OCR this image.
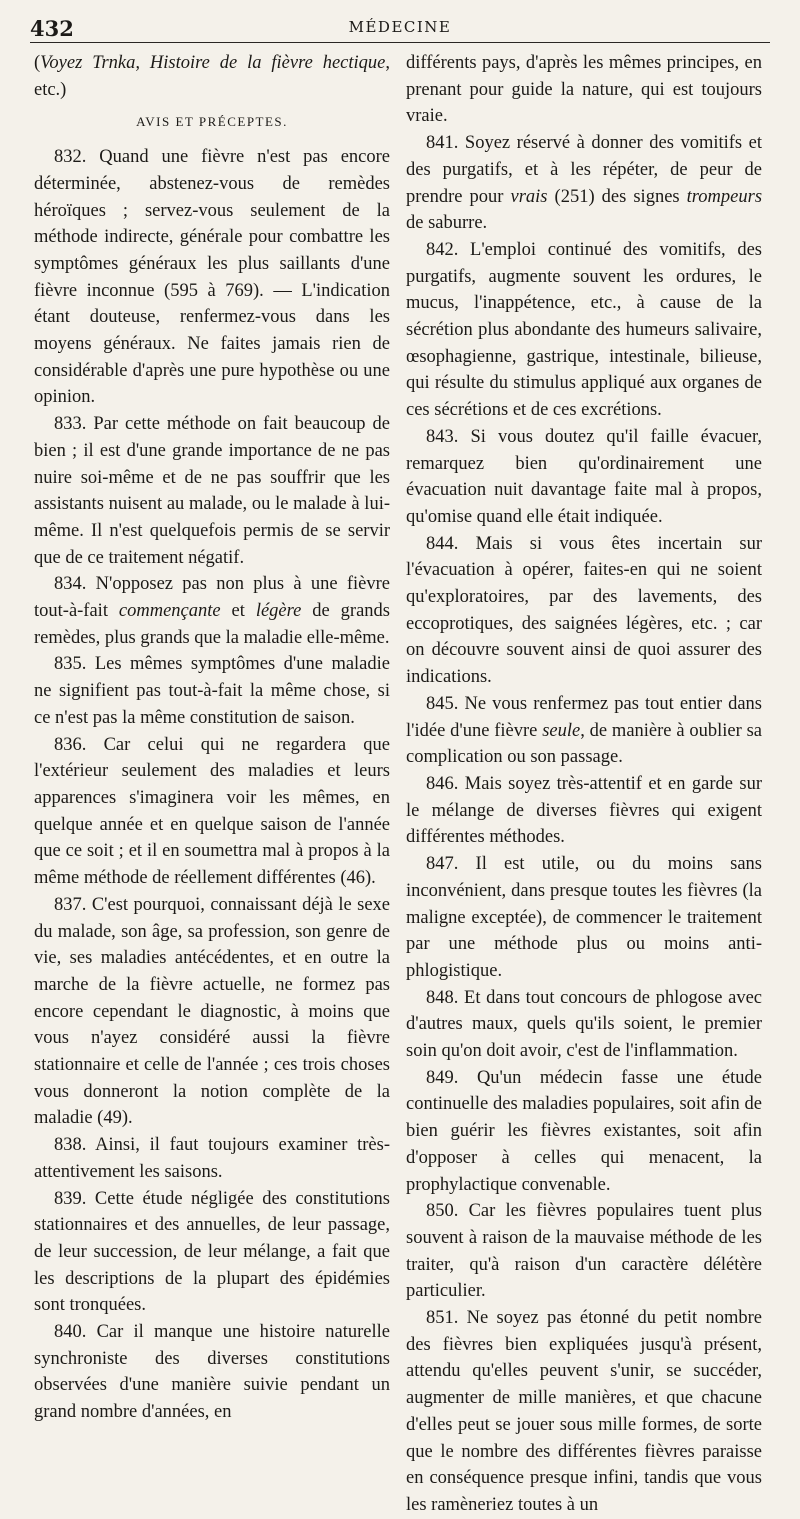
432	MÉDECINE

(Voyez Trnka, Histoire de la fièvre hectique, etc.)

AVIS ET PRÉCEPTES.

832. Quand une fièvre n'est pas encore déterminée, abstenez-vous de remèdes héroïques ; servez-vous seulement de la méthode indirecte, générale pour combattre les symptômes généraux les plus saillants d'une fièvre inconnue (595 à 769). — L'indication étant douteuse, renfermez-vous dans les moyens généraux. Ne faites jamais rien de considérable d'après une pure hypothèse ou une opinion.

833. Par cette méthode on fait beaucoup de bien ; il est d'une grande importance de ne pas nuire soi-même et de ne pas souffrir que les assistants nuisent au malade, ou le malade à lui-même. Il n'est quelquefois permis de se servir que de ce traitement négatif.

834. N'opposez pas non plus à une fièvre tout-à-fait commençante et légère de grands remèdes, plus grands que la maladie elle-même.

835. Les mêmes symptômes d'une maladie ne signifient pas tout-à-fait la même chose, si ce n'est pas la même constitution de saison.

836. Car celui qui ne regardera que l'extérieur seulement des maladies et leurs apparences s'imaginera voir les mêmes, en quelque année et en quelque saison de l'année que ce soit ; et il en soumettra mal à propos à la même méthode de réellement différentes (46).

837. C'est pourquoi, connaissant déjà le sexe du malade, son âge, sa profession, son genre de vie, ses maladies antécédentes, et en outre la marche de la fièvre actuelle, ne formez pas encore cependant le diagnostic, à moins que vous n'ayez considéré aussi la fièvre stationnaire et celle de l'année ; ces trois choses vous donneront la notion complète de la maladie (49).

838. Ainsi, il faut toujours examiner très-attentivement les saisons.

839. Cette étude négligée des constitutions stationnaires et des annuelles, de leur passage, de leur succession, de leur mélange, a fait que les descriptions de la plupart des épidémies sont tronquées.

840. Car il manque une histoire naturelle synchroniste des diverses constitutions observées d'une manière suivie pendant un grand nombre d'années, en

différents pays, d'après les mêmes principes, en prenant pour guide la nature, qui est toujours vraie.

841. Soyez réservé à donner des vomitifs et des purgatifs, et à les répéter, de peur de prendre pour vrais (251) des signes trompeurs de saburre.

842. L'emploi continué des vomitifs, des purgatifs, augmente souvent les ordures, le mucus, l'inappétence, etc., à cause de la sécrétion plus abondante des humeurs salivaire, œsophagienne, gastrique, intestinale, bilieuse, qui résulte du stimulus appliqué aux organes de ces sécrétions et de ces excrétions.

843. Si vous doutez qu'il faille évacuer, remarquez bien qu'ordinairement une évacuation nuit davantage faite mal à propos, qu'omise quand elle était indiquée.

844. Mais si vous êtes incertain sur l'évacuation à opérer, faites-en qui ne soient qu'exploratoires, par des lavements, des eccoprotiques, des saignées légères, etc. ; car on découvre souvent ainsi de quoi assurer des indications.

845. Ne vous renfermez pas tout entier dans l'idée d'une fièvre seule, de manière à oublier sa complication ou son passage.

846. Mais soyez très-attentif et en garde sur le mélange de diverses fièvres qui exigent différentes méthodes.

847. Il est utile, ou du moins sans inconvénient, dans presque toutes les fièvres (la maligne exceptée), de commencer le traitement par une méthode plus ou moins anti-phlogistique.

848. Et dans tout concours de phlogose avec d'autres maux, quels qu'ils soient, le premier soin qu'on doit avoir, c'est de l'inflammation.

849. Qu'un médecin fasse une étude continuelle des maladies populaires, soit afin de bien guérir les fièvres existantes, soit afin d'opposer à celles qui menacent, la prophylactique convenable.

850. Car les fièvres populaires tuent plus souvent à raison de la mauvaise méthode de les traiter, qu'à raison d'un caractère délétère particulier.

851. Ne soyez pas étonné du petit nombre des fièvres bien expliquées jusqu'à présent, attendu qu'elles peuvent s'unir, se succéder, augmenter de mille manières, et que chacune d'elles peut se jouer sous mille formes, de sorte que le nombre des différentes fièvres paraisse en conséquence presque infini, tandis que vous les ramèneriez toutes à un
